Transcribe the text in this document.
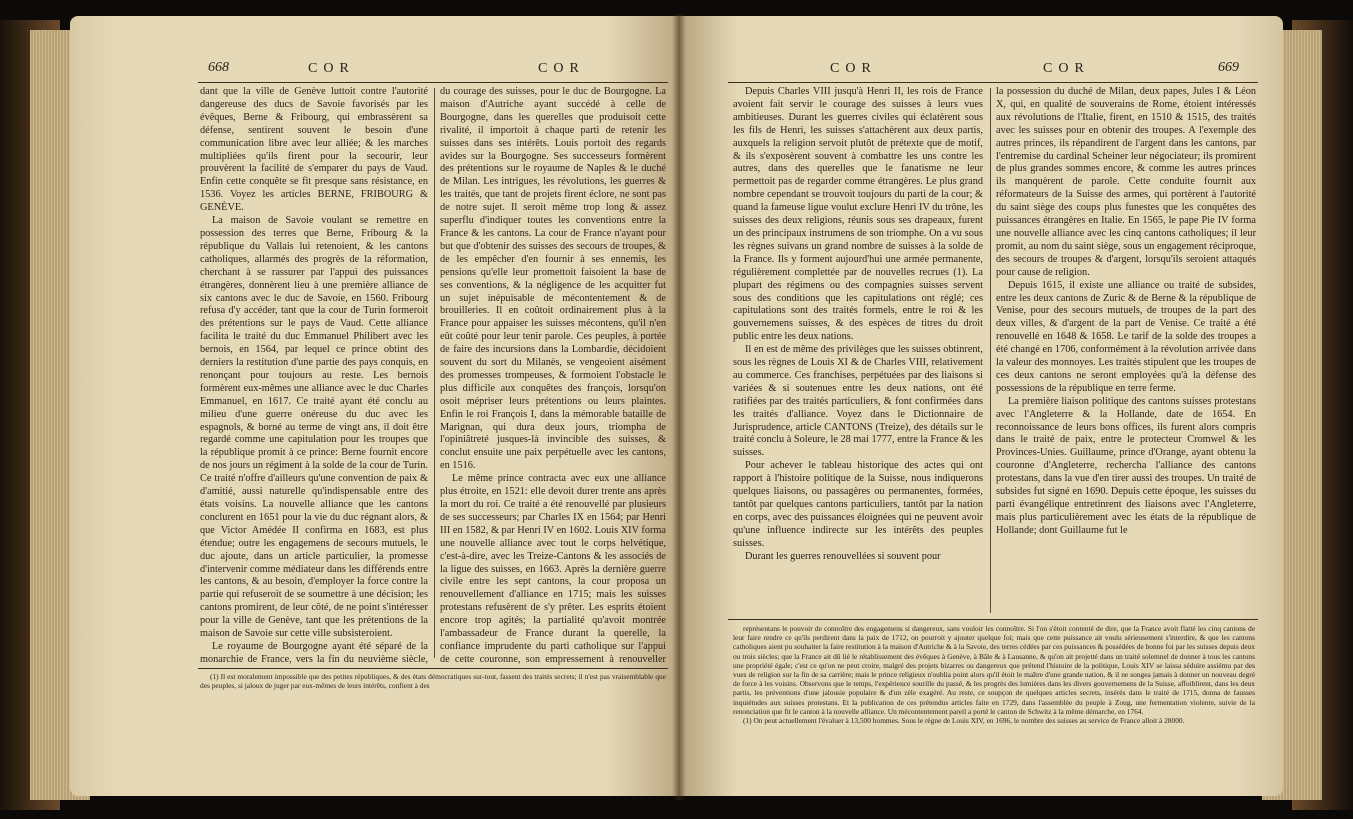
668	COR	COR

dant que la ville de Genève luttoit contre l'autorité dangereuse des ducs de Savoie favorisés par les évêques, Berne & Fribourg, qui embrassèrent sa défense, sentirent souvent le besoin d'une communication libre avec leur alliée; & les marches multipliées qu'ils firent pour la secourir, leur prouvèrent la facilité de s'emparer du pays de Vaud. Enfin cette conquête se fit presque sans résistance, en 1536. Voyez les articles BERNE, FRIBOURG & GENÈVE.

La maison de Savoie voulant se remettre en possession des terres que Berne, Fribourg & la république du Vallais lui retenoient, & les cantons catholiques, allarmés des progrès de la réformation, cherchant à se rassurer par l'appui des puissances étrangères, donnèrent lieu à une première alliance de six cantons avec le duc de Savoie, en 1560. Fribourg refusa d'y accéder, tant que la cour de Turin formeroit des prétentions sur le pays de Vaud. Cette alliance facilita le traité du duc Emmanuel Philibert avec les bernois, en 1564, par lequel ce prince obtint des derniers la restitution d'une partie des pays conquis, en renonçant pour toujours au reste. Les bernois formèrent eux-mêmes une alliance avec le duc Charles Emmanuel, en 1617. Ce traité ayant été conclu au milieu d'une guerre onéreuse du duc avec les espagnols, & borné au terme de vingt ans, il doit être regardé comme une capitulation pour les troupes que la république promit à ce prince: Berne fournit encore de nos jours un régiment à la solde de la cour de Turin. Ce traité n'offre d'ailleurs qu'une convention de paix & d'amitié, aussi naturelle qu'indispensable entre des états voisins. La nouvelle alliance que les cantons conclurent en 1651 pour la vie du duc régnant alors, & que Victor Amédée II confirma en 1683, est plus étendue; outre les engagemens de secours mutuels, le duc ajoute, dans un article particulier, la promesse d'intervenir comme médiateur dans les différends entre les cantons, & au besoin, d'employer la force contre la partie qui refuseroit de se soumettre à une décision; les cantons promirent, de leur côté, de ne point s'intéresser pour la ville de Genève, tant que les prétentions de la maison de Savoie sur cette ville subsisteroient.

Le royaume de Bourgogne ayant été séparé de la monarchie de France, vers la fin du neuvième siècle,

du courage des suisses, pour le duc de Bourgogne. La maison d'Autriche ayant succédé à celle de Bourgogne, dans les querelles que produisoit cette rivalité, il importoit à chaque parti de retenir les suisses dans ses intérêts. Louis portoit des regards avides sur la Bourgogne. Ses successeurs formèrent des prétentions sur le royaume de Naples & le duché de Milan. Les intrigues, les révolutions, les guerres & les traités, que tant de projets firent éclore, ne sont pas de notre sujet. Il seroit même trop long & assez superflu d'indiquer toutes les conventions entre la France & les cantons. La cour de France n'ayant pour but que d'obtenir des suisses des secours de troupes, & de les empêcher d'en fournir à ses ennemis, les pensions qu'elle leur promettoit faisoient la base de ses conventions, & la négligence de les acquitter fut un sujet inépuisable de mécontentement & de brouilleries. Il en coûtoit ordinairement plus à la France pour appaiser les suisses mécontens, qu'il n'en eût coûté pour leur tenir parole. Ces peuples, à portée de faire des incursions dans la Lombardie, décidoient souvent du sort du Milanès, se vengeoient aisément des promesses trompeuses, & formoient l'obstacle le plus difficile aux conquêtes des françois, lorsqu'on osoit mépriser leurs prétentions ou leurs plaintes. Enfin le roi François I, dans la mémorable bataille de Marignan, qui dura deux jours, triompha de l'opiniâtreté jusques-là invincible des suisses, & conclut ensuite une paix perpétuelle avec les cantons, en 1516.

Le même prince contracta avec eux une alliance plus étroite, en 1521: elle devoit durer trente ans après la mort du roi. Ce traité a été renouvellé par plusieurs de ses successeurs; par Charles IX en 1564; par Henri III en 1582, & par Henri IV en 1602. Louis XIV forma une nouvelle alliance avec tout le corps helvétique, c'est-à-dire, avec les Treize-Cantons & les associés de la ligue des suisses, en 1663. Après la dernière guerre civile entre les sept cantons, la cour proposa un renouvellement d'alliance en 1715; mais les suisses protestans refusèrent de s'y prêter. Les esprits étoient encore trop agités; la partialité qu'avoit montrée l'ambassadeur de France durant la querelle, la confiance imprudente du parti catholique sur l'appui de cette couronne, son empressement à renouveller

(1) Il est moralement impossible que des petites républiques, & des états démocratiques sur-tout, fassent des traités secrets; il n'est pas vraisemblable que des peuples, si jaloux de juger par eux-mêmes de leurs intérêts, confient à des

COR	COR	669

Depuis Charles VIII jusqu'à Henri II, les rois de France avoient fait servir le courage des suisses à leurs vues ambitieuses. Durant les guerres civiles qui éclatèrent sous les fils de Henri, les suisses s'attachèrent aux deux partis, auxquels la religion servoit plutôt de prétexte que de motif, & ils s'exposèrent souvent à combattre les uns contre les autres, dans des querelles que le fanatisme ne leur permettoit pas de regarder comme étrangères. Le plus grand nombre cependant se trouvoit toujours du parti de la cour; & quand la fameuse ligue voulut exclure Henri IV du trône, les suisses des deux religions, réunis sous ses drapeaux, furent un des principaux instrumens de son triomphe. On a vu sous les règnes suivans un grand nombre de suisses à la solde de la France. Ils y forment aujourd'hui une armée permanente, régulièrement complettée par de nouvelles recrues (1). La plupart des régimens ou des compagnies suisses servent sous des conditions que les capitulations ont réglé; ces capitulations sont des traités formels, entre le roi & les gouvernemens suisses, & des espèces de titres du droit public entre les deux nations.

Il en est de même des privilèges que les suisses obtinrent, sous les règnes de Louis XI & de Charles VIII, relativement au commerce. Ces franchises, perpétuées par des liaisons si variées & si soutenues entre les deux nations, ont été ratifiées par des traités particuliers, & font confirmées dans les traités d'alliance. Voyez dans le Dictionnaire de Jurisprudence, article CANTONS (Treize), des détails sur le traité conclu à Soleure, le 28 mai 1777, entre la France & les suisses.

Pour achever le tableau historique des actes qui ont rapport à l'histoire politique de la Suisse, nous indiquerons quelques liaisons, ou passagères ou permanentes, formées, tantôt par quelques cantons particuliers, tantôt par la nation en corps, avec des puissances éloignées qui ne peuvent avoir qu'une influence indirecte sur les intérêts des peuples suisses.

Durant les guerres renouvellées si souvent pour

la possession du duché de Milan, deux papes, Jules I & Léon X, qui, en qualité de souverains de Rome, étoient intéressés aux révolutions de l'Italie, firent, en 1510 & 1515, des traités avec les suisses pour en obtenir des troupes. A l'exemple des autres princes, ils répandirent de l'argent dans les cantons, par l'entremise du cardinal Scheiner leur négociateur; ils promirent de plus grandes sommes encore, & comme les autres princes ils manquèrent de parole. Cette conduite fournit aux réformateurs de la Suisse des armes, qui portèrent à l'autorité du saint siège des coups plus funestes que les conquêtes des puissances étrangères en Italie. En 1565, le pape Pie IV forma une nouvelle alliance avec les cinq cantons catholiques; il leur promit, au nom du saint siège, sous un engagement réciproque, des secours de troupes & d'argent, lorsqu'ils seroient attaqués pour cause de religion.

Depuis 1615, il existe une alliance ou traité de subsides, entre les deux cantons de Zuric & de Berne & la république de Venise, pour des secours mutuels, de troupes de la part des deux villes, & d'argent de la part de Venise. Ce traité a été renouvellé en 1648 & 1658. Le tarif de la solde des troupes a été changé en 1706, conformément à la révolution arrivée dans la valeur des monnoyes. Les traités stipulent que les troupes de ces deux cantons ne seront employées qu'à la défense des possessions de la république en terre ferme.

La première liaison politique des cantons suisses protestans avec l'Angleterre & la Hollande, date de 1654. En reconnoissance de leurs bons offices, ils furent alors compris dans le traité de paix, entre le protecteur Cromwel & les Provinces-Unies. Guillaume, prince d'Orange, ayant obtenu la couronne d'Angleterre, rechercha l'alliance des cantons protestans, dans la vue d'en tirer aussi des troupes. Un traité de subsides fut signé en 1690. Depuis cette époque, les suisses du parti évangélique entretinrent des liaisons avec l'Angleterre, mais plus particulièrement avec les états de la république de Hollande; dont Guillaume fut le

représentans le pouvoir de connoître des engagemens si dangereux, sans vouloir les connoître. Si l'on s'étoit contenté de dire, que la France avoit flatté les cinq cantons de leur faire rendre ce qu'ils perdirent dans la paix de 1712, on pourroit y ajouter quelque foi; mais que cette puissance ait voulu sérieusement s'interdire, & que les cantons catholiques aient pu souhaiter la faire restitution à la maison d'Autriche & à la Savoie, des terres cédées par ces puissances & possédées de bonne foi par les suisses depuis deux ou trois siècles; que la France ait dû lié le rétablissement des évêques à Genève, à Bâle & à Lausanne, & qu'on ait projetté dans un traité solemnel de donner à tous les cantons une propriété égale; c'est ce qu'on ne peut croire, malgré des projets bizarres ou dangereux que prétend l'histoire de la politique, Louis XIV se laissa séduire assiému par des vues de religion sur la fin de sa carrière; mais le prince religieux n'oublia point alors qu'il étoit le maître d'une grande nation, & il ne songea jamais à donner un nouveau degré de force à les voisins. Observons que le temps, l'expérience sourille du passé, & les progrès des lumières dans les divers gouvernemens de la Suisse, affoiblirent, dans les deux partis, les préventions d'une jalousie populaire & d'un zèle exagéré. Au reste, ce soupçon de quelques articles secrets, insérés dans le traité de 1715, donna de fausses inquiétudes aux suisses protestans. Et la publication de ces prétendus articles faite en 1729, dans l'assemblée du peuple à Zoug, une fermentation violente, suivie de la renonciation que fit le canton à la nouvelle alliance. Un mécontentement pareil a porté le canton de Schwitz à la même démarche, en 1764.

(1) On peut actuellement l'évaluer à 13,500 hommes. Sous le règne de Louis XIV, en 1696, le nombre des suisses au service de France alloit à 28000.
